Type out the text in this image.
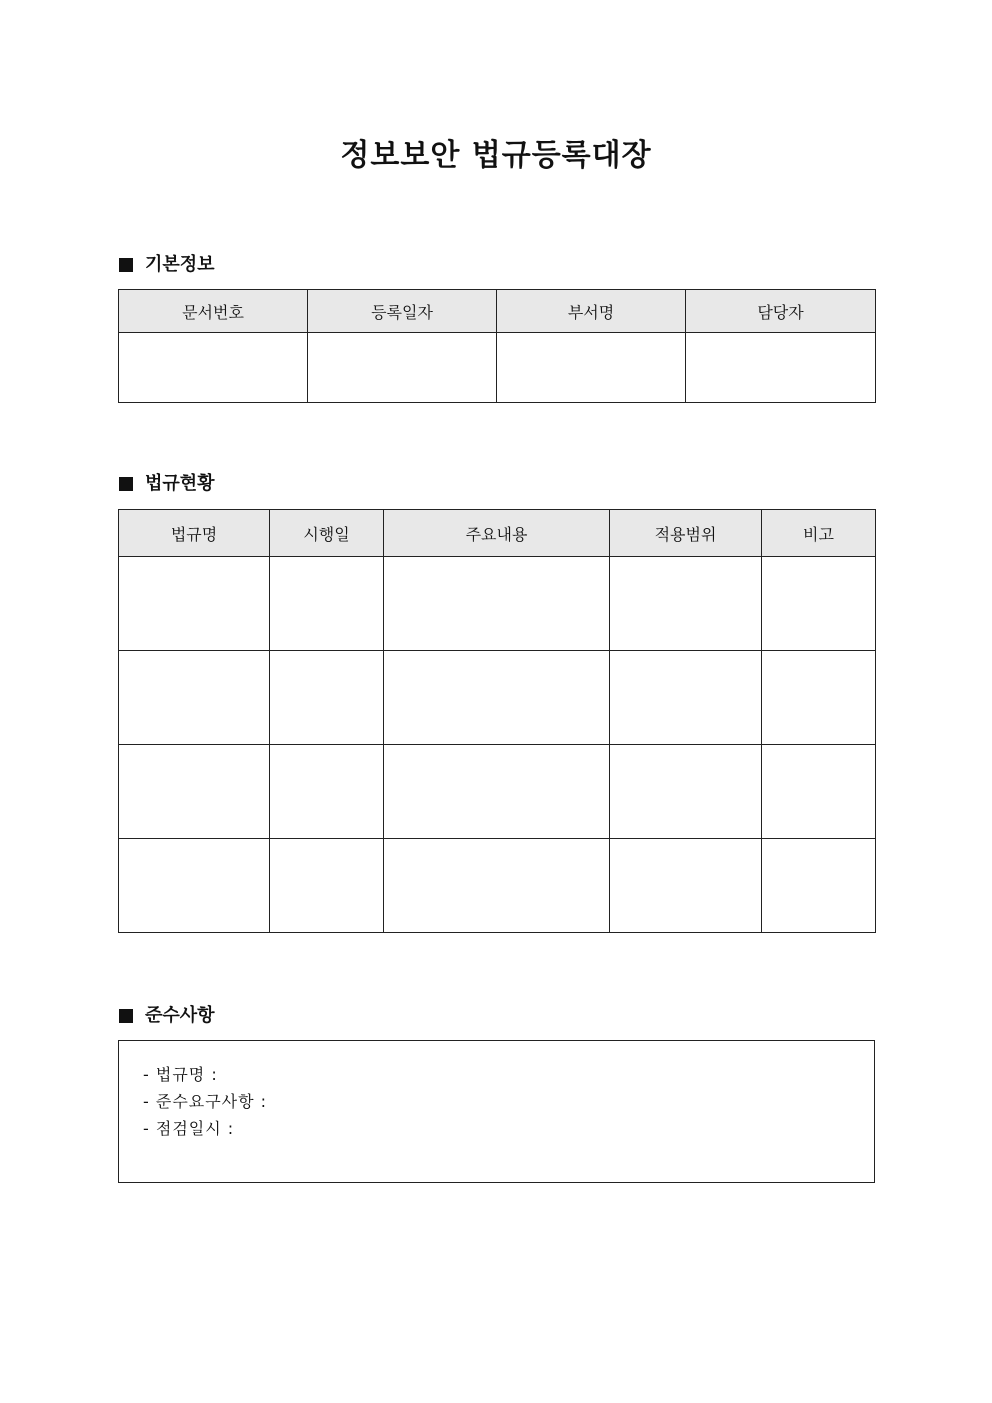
정보보안 법규등록대장
기본정보
문서번호	등록일자	부서명	담당자

법규현황
법규명	시행일	주요내용	적용범위	비고

준수사항
- 법규명 :
- 준수요구사항 :
- 점검일시 :
